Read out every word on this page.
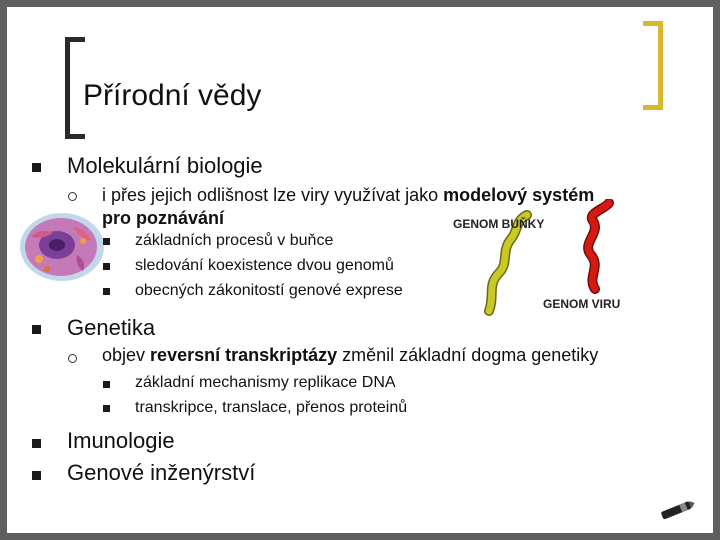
Přírodní vědy
GENOM BUŇKY
GENOM VIRU
Molekulární biologie
i přes jejich odlišnost lze viry využívat jako modelový systém
pro poznávání
základních procesů v buňce
sledování koexistence dvou genomů
obecných zákonitostí genové exprese
Genetika
objev reversní transkriptázy změnil základní dogma genetiky
základní mechanismy replikace DNA
transkripce, translace, přenos proteinů
Imunologie
Genové inženýrství
